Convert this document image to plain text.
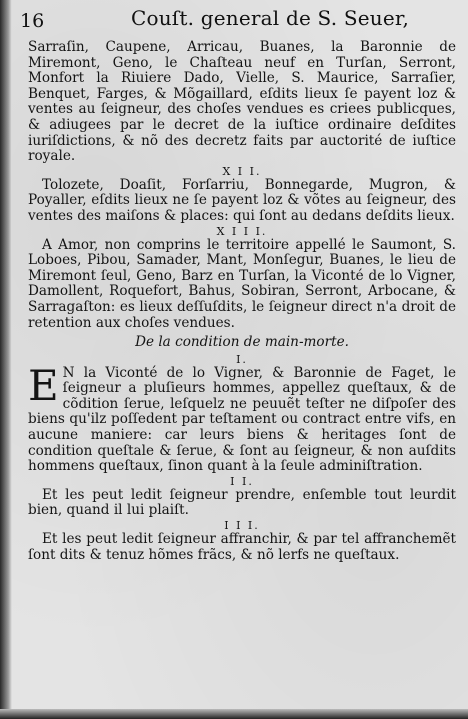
16	Couſt. general de S. Seuer,

Sarraſin, Caupene, Arricau, Buanes, la Baronnie de Miremont, Geno, le Chaſteau neuf en Turſan, Serront, Monfort la Riuiere Dado, Vielle, S. Maurice, Sarraſier, Benquet, Farges, & Mõgaillard, eſdits lieux ſe payent loz & ventes au ſeigneur, des choſes vendues es criees publicques, & adiugees par le decret de la iuſtice ordinaire deſdites iuriſdictions, & nõ des decretz faits par auctorité de iuſtice royale.

X I I.

Tolozete, Doaſit, Forſarriu, Bonnegarde, Mugron, & Poyaller, eſdits lieux ne ſe payent loz & võtes au ſeigneur, des ventes des maiſons & places: qui ſont au dedans deſdits lieux.

X I I I.

A Amor, non comprins le territoire appellé le Saumont, S. Loboes, Pibou, Samader, Mant, Monſegur, Buanes, le lieu de Miremont ſeul, Geno, Barz en Turſan, la Viconté de lo Vigner, Damollent, Roquefort, Bahus, Sobiran, Serront, Arbocane, & Sarragaſton: es lieux deſſuſdits, le ſeigneur direct n'a droit de retention aux choſes vendues.

De la condition de main-morte.

I.

E N la Viconté de lo Vigner, & Baronnie de Faget, le ſeigneur a pluſieurs hommes, appellez queſtaux, & de cõdition ſerue, leſquelz ne peuuẽt teſter ne diſpoſer des biens qu'ilz poſſedent par teſtament ou contract entre vifs, en aucune maniere: car leurs biens & heritages ſont de condition queſtale & ſerue, & ſont au ſeigneur, & non auſdits hommens queſtaux, ſinon quant à la ſeule adminiſtration.

I I.

Et les peut ledit ſeigneur prendre, enſemble tout leurdit bien, quand il lui plaiſt.

I I I.

Et les peut ledit ſeigneur affranchir, & par tel affranchemẽt ſont dits & tenuz hõmes frãcs, & nõ lerfs ne queſtaux.
